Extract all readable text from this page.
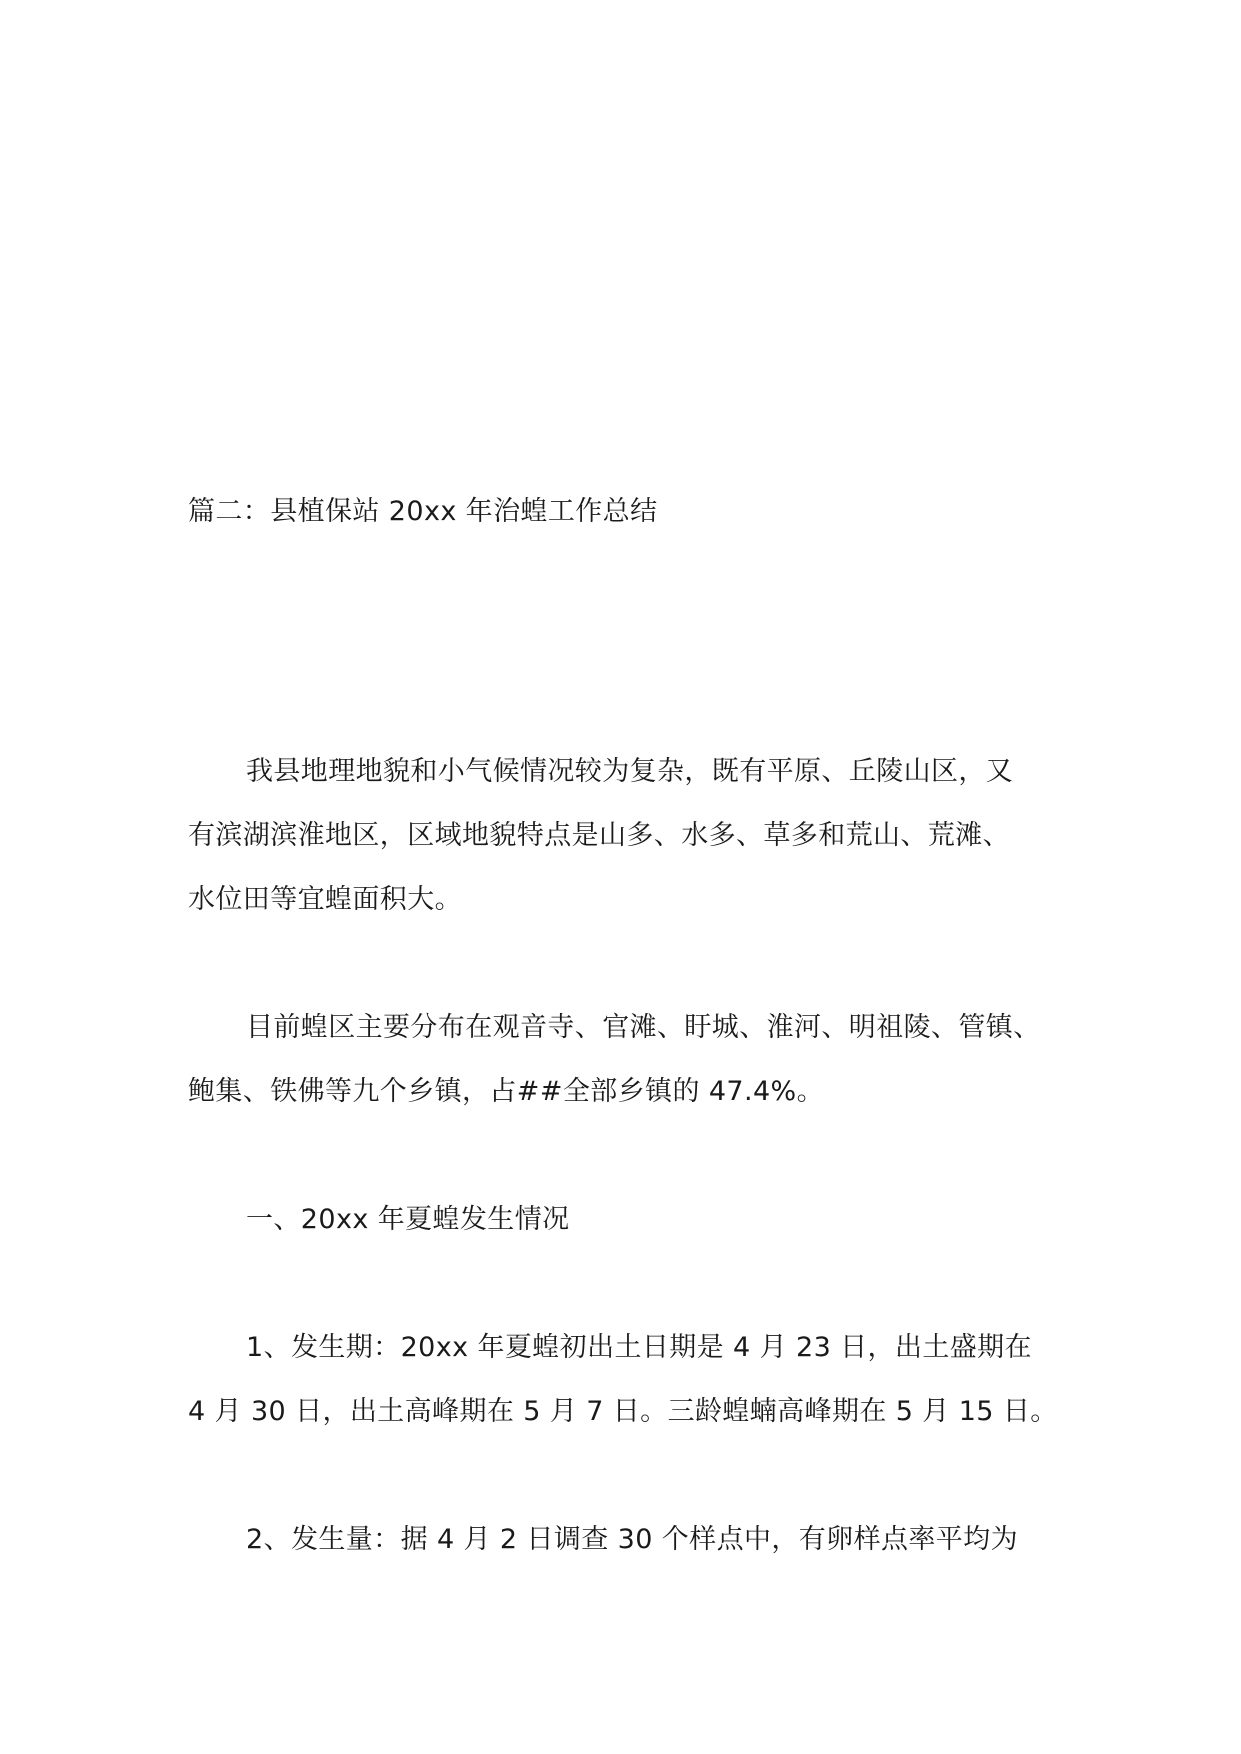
篇二：县植保站 20xx 年治蝗工作总结
我县地理地貌和小气候情况较为复杂，既有平原、丘陵山区，又
有滨湖滨淮地区，区域地貌特点是山多、水多、草多和荒山、荒滩、
水位田等宜蝗面积大。
目前蝗区主要分布在观音寺、官滩、盱城、淮河、明祖陵、管镇、
鲍集、铁佛等九个乡镇，占##全部乡镇的 47.4%。
一、20xx 年夏蝗发生情况
1、发生期：20xx 年夏蝗初出土日期是 4 月 23 日，出土盛期在
4 月 30 日，出土高峰期在 5 月 7 日。三龄蝗蝻高峰期在 5 月 15 日。
2、发生量：据 4 月 2 日调查 30 个样点中，有卵样点率平均为
